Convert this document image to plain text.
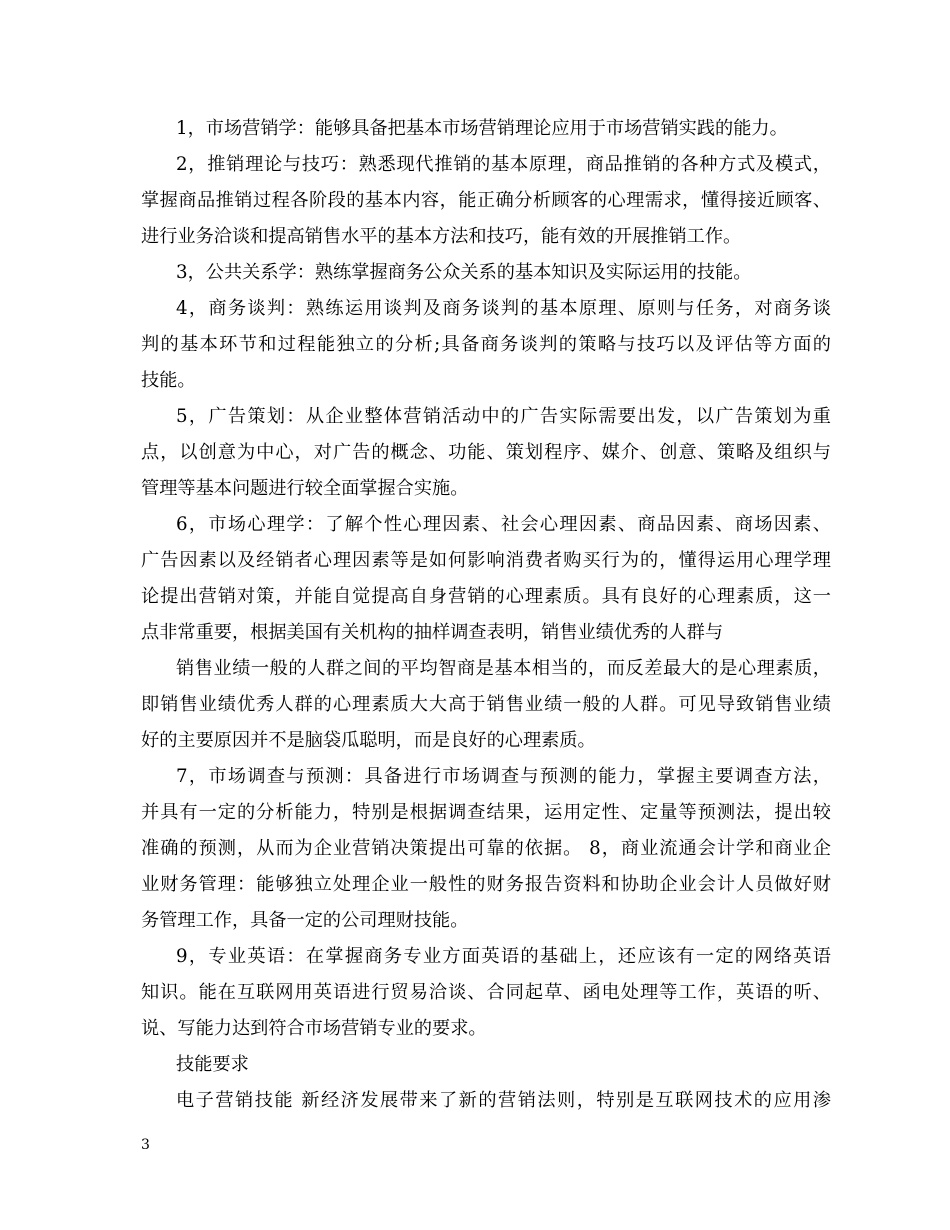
1，市场营销学：能够具备把基本市场营销理论应用于市场营销实践的能力。
2，推销理论与技巧：熟悉现代推销的基本原理，商品推销的各种方式及模式，
掌握商品推销过程各阶段的基本内容，能正确分析顾客的心理需求，懂得接近顾客、
进行业务洽谈和提高销售水平的基本方法和技巧，能有效的开展推销工作。
3，公共关系学：熟练掌握商务公众关系的基本知识及实际运用的技能。
4，商务谈判：熟练运用谈判及商务谈判的基本原理、原则与任务，对商务谈
判的基本环节和过程能独立的分析;具备商务谈判的策略与技巧以及评估等方面的
技能。
5，广告策划：从企业整体营销活动中的广告实际需要出发，以广告策划为重
点，以创意为中心，对广告的概念、功能、策划程序、媒介、创意、策略及组织与
管理等基本问题进行较全面掌握合实施。
6，市场心理学：了解个性心理因素、社会心理因素、商品因素、商场因素、
广告因素以及经销者心理因素等是如何影响消费者购买行为的，懂得运用心理学理
论提出营销对策，并能自觉提高自身营销的心理素质。具有良好的心理素质，这一
点非常重要，根据美国有关机构的抽样调查表明，销售业绩优秀的人群与
销售业绩一般的人群之间的平均智商是基本相当的，而反差最大的是心理素质，
即销售业绩优秀人群的心理素质大大高于销售业绩一般的人群。可见导致销售业绩
好的主要原因并不是脑袋瓜聪明，而是良好的心理素质。
7，市场调查与预测：具备进行市场调查与预测的能力，掌握主要调查方法，
并具有一定的分析能力，特别是根据调查结果，运用定性、定量等预测法，提出较
准确的预测，从而为企业营销决策提出可靠的依据。 8，商业流通会计学和商业企
业财务管理：能够独立处理企业一般性的财务报告资料和协助企业会计人员做好财
务管理工作，具备一定的公司理财技能。
9，专业英语：在掌握商务专业方面英语的基础上，还应该有一定的网络英语
知识。能在互联网用英语进行贸易洽谈、合同起草、函电处理等工作，英语的听、
说、写能力达到符合市场营销专业的要求。
技能要求
电子营销技能 新经济发展带来了新的营销法则，特别是互联网技术的应用渗
3
